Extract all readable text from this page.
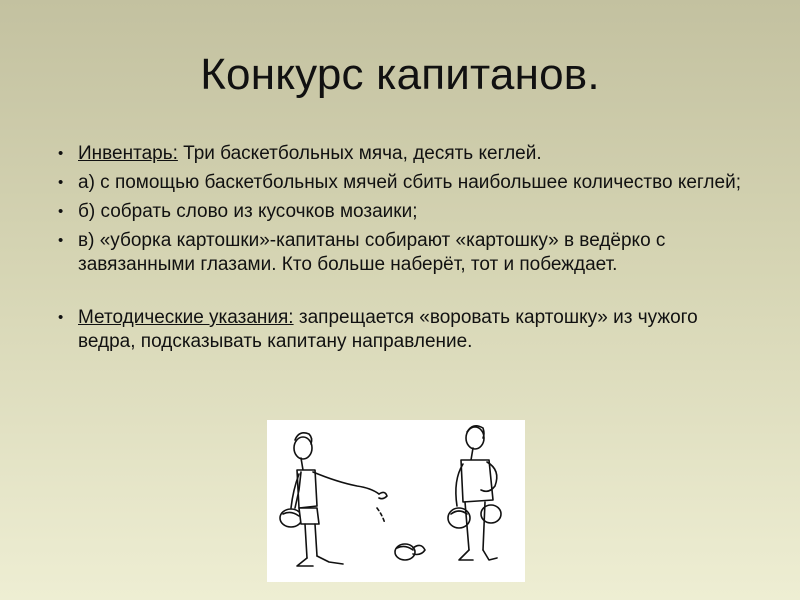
Конкурс капитанов.
• Инвентарь: Три баскетбольных мяча, десять кеглей.
• а) с помощью баскетбольных мячей сбить наибольшее количество кеглей;
• б) собрать слово из кусочков мозаики;
• в) «уборка картошки»-капитаны собирают «картошку» в ведёрко с завязанными глазами. Кто больше наберёт, тот и побеждает.
• Методические указания: запрещается «воровать картошку» из чужого ведра, подсказывать капитану направление.
